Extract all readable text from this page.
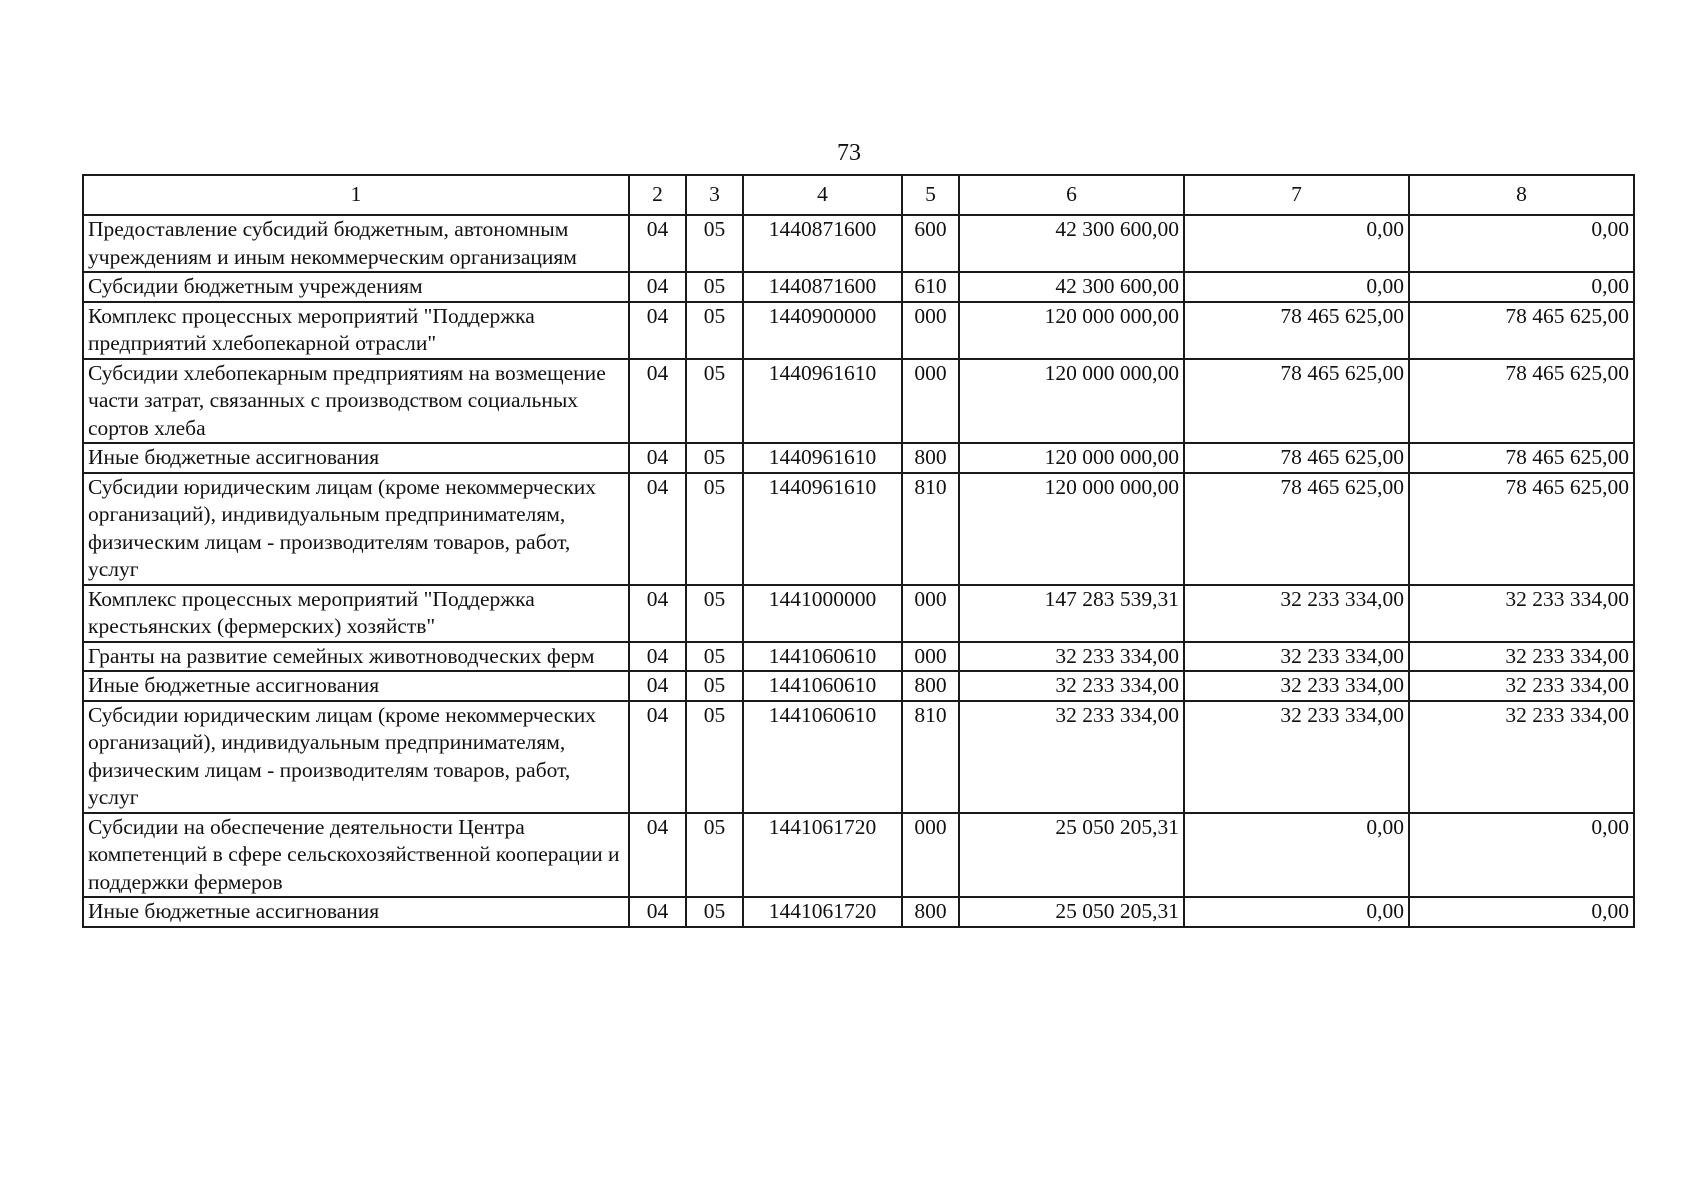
73
1	2	3	4	5	6	7	8
Предоставление субсидий бюджетным, автономным учреждениям и иным некоммерческим организациям	04	05	1440871600	600	42 300 600,00	0,00	0,00
Субсидии бюджетным учреждениям	04	05	1440871600	610	42 300 600,00	0,00	0,00
Комплекс процессных мероприятий "Поддержка предприятий хлебопекарной отрасли"	04	05	1440900000	000	120 000 000,00	78 465 625,00	78 465 625,00
Субсидии хлебопекарным предприятиям на возмещение части затрат, связанных с производством социальных сортов хлеба	04	05	1440961610	000	120 000 000,00	78 465 625,00	78 465 625,00
Иные бюджетные ассигнования	04	05	1440961610	800	120 000 000,00	78 465 625,00	78 465 625,00
Субсидии юридическим лицам (кроме некоммерческих организаций), индивидуальным предпринимателям, физическим лицам - производителям товаров, работ, услуг	04	05	1440961610	810	120 000 000,00	78 465 625,00	78 465 625,00
Комплекс процессных мероприятий "Поддержка крестьянских (фермерских) хозяйств"	04	05	1441000000	000	147 283 539,31	32 233 334,00	32 233 334,00
Гранты на развитие семейных животноводческих ферм	04	05	1441060610	000	32 233 334,00	32 233 334,00	32 233 334,00
Иные бюджетные ассигнования	04	05	1441060610	800	32 233 334,00	32 233 334,00	32 233 334,00
Субсидии юридическим лицам (кроме некоммерческих организаций), индивидуальным предпринимателям, физическим лицам - производителям товаров, работ, услуг	04	05	1441060610	810	32 233 334,00	32 233 334,00	32 233 334,00
Субсидии на обеспечение деятельности Центра компетенций в сфере сельскохозяйственной кооперации и поддержки фермеров	04	05	1441061720	000	25 050 205,31	0,00	0,00
Иные бюджетные ассигнования	04	05	1441061720	800	25 050 205,31	0,00	0,00
